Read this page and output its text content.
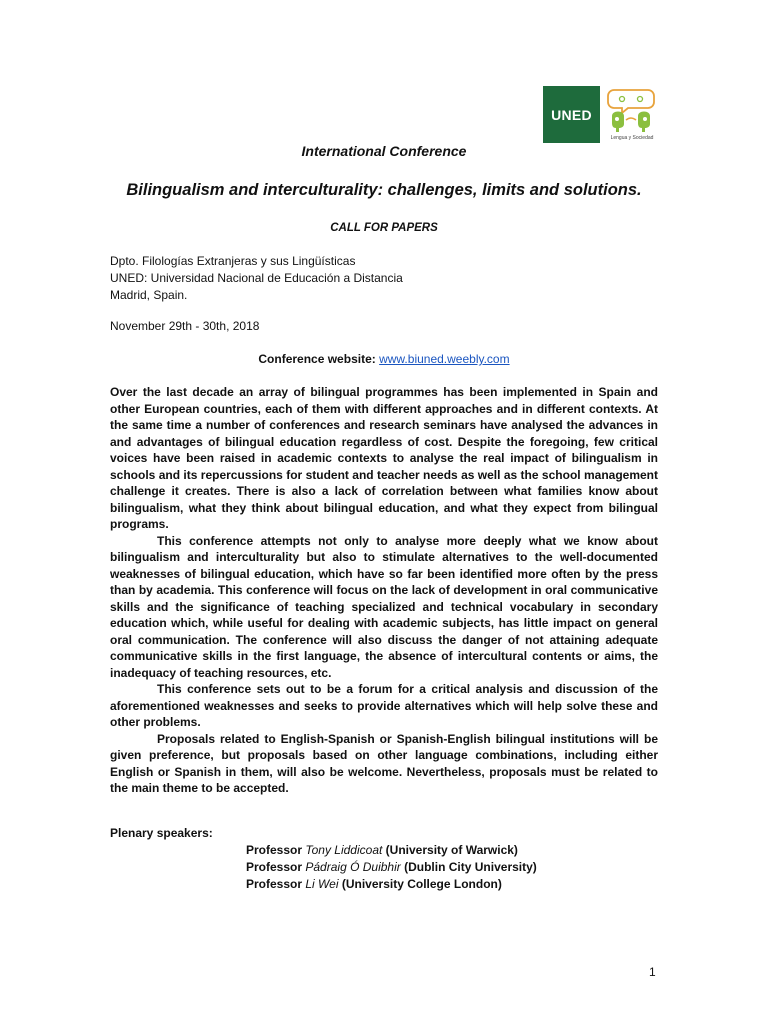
UNED
Lengua y Sociedad
International Conference
Bilingualism and interculturality: challenges, limits and solutions.
CALL FOR PAPERS
Dpto. Filologías Extranjeras y sus Lingüísticas
UNED: Universidad Nacional de Educación a Distancia
Madrid, Spain.
November 29th - 30th, 2018
Conference website: www.biuned.weebly.com

Over the last decade an array of bilingual programmes has been implemented in Spain and other European countries, each of them with different approaches and in different contexts. At the same time a number of conferences and research seminars have analysed the advances in and advantages of bilingual education regardless of cost. Despite the foregoing, few critical voices have been raised in academic contexts to analyse the real impact of bilingualism in schools and its repercussions for student and teacher needs as well as the school management challenge it creates. There is also a lack of correlation between what families know about bilingualism, what they think about bilingual education, and what they expect from bilingual programs.

This conference attempts not only to analyse more deeply what we know about bilingualism and interculturality but also to stimulate alternatives to the well-documented weaknesses of bilingual education, which have so far been identified more often by the press than by academia. This conference will focus on the lack of development in oral communicative skills and the significance of teaching specialized and technical vocabulary in secondary education which, while useful for dealing with academic subjects, has little impact on general oral communication. The conference will also discuss the danger of not attaining adequate communicative skills in the first language, the absence of intercultural contents or aims, the inadequacy of teaching resources, etc.

This conference sets out to be a forum for a critical analysis and discussion of the aforementioned weaknesses and seeks to provide alternatives which will help solve these and other problems.

Proposals related to English-Spanish or Spanish-English bilingual institutions will be given preference, but proposals based on other language combinations, including either English or Spanish in them, will also be welcome. Nevertheless, proposals must be related to the main theme to be accepted.

Plenary speakers:
Professor Tony Liddicoat (University of Warwick)
Professor Pádraig Ó Duibhir (Dublin City University)
Professor Li Wei (University College London)
1
